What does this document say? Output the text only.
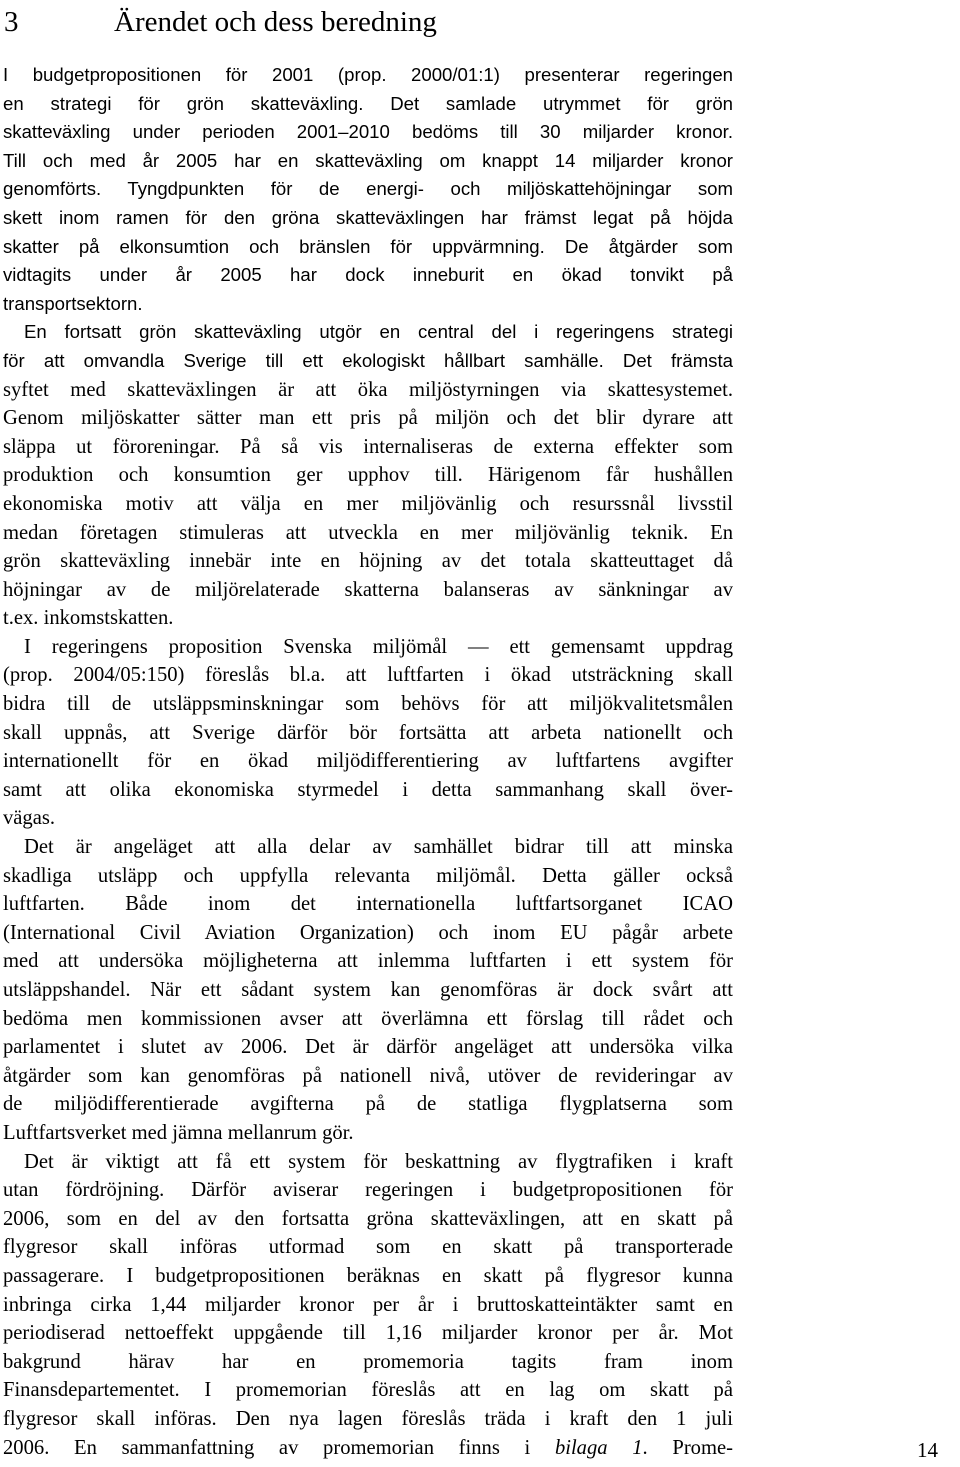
3	Ärendet och dess beredning
I budgetpropositionen för 2001 (prop. 2000/01:1) presenterar regeringen
en strategi för grön skatteväxling. Det samlade utrymmet för grön
skatteväxling under perioden 2001–2010 bedöms till 30 miljarder kronor.
Till och med år 2005 har en skatteväxling om knappt 14 miljarder kronor
genomförts. Tyngdpunkten för de energi- och miljöskattehöjningar som
skett inom ramen för den gröna skatteväxlingen har främst legat på höjda
skatter på elkonsumtion och bränslen för uppvärmning. De åtgärder som
vidtagits under år 2005 har dock inneburit en ökad tonvikt på
transportsektorn.
En fortsatt grön skatteväxling utgör en central del i regeringens strategi
för att omvandla Sverige till ett ekologiskt hållbart samhälle. Det främsta
syftet med skatteväxlingen är att öka miljöstyrningen via skattesystemet.
Genom miljöskatter sätter man ett pris på miljön och det blir dyrare att
släppa ut föroreningar. På så vis internaliseras de externa effekter som
produktion och konsumtion ger upphov till. Härigenom får hushållen
ekonomiska motiv att välja en mer miljövänlig och resurssnål livsstil
medan företagen stimuleras att utveckla en mer miljövänlig teknik. En
grön skatteväxling innebär inte en höjning av det totala skatteuttaget då
höjningar av de miljörelaterade skatterna balanseras av sänkningar av
t.ex. inkomstskatten.
I regeringens proposition Svenska miljömål — ett gemensamt uppdrag
(prop. 2004/05:150) föreslås bl.a. att luftfarten i ökad utsträckning skall
bidra till de utsläppsminskningar som behövs för att miljökvalitetsmålen
skall uppnås, att Sverige därför bör fortsätta att arbeta nationellt och
internationellt för en ökad miljödifferentiering av luftfartens avgifter
samt att olika ekonomiska styrmedel i detta sammanhang skall över-
vägas.
Det är angeläget att alla delar av samhället bidrar till att minska
skadliga utsläpp och uppfylla relevanta miljömål. Detta gäller också
luftfarten. Både inom det internationella luftfartsorganet ICAO
(International Civil Aviation Organization) och inom EU pågår arbete
med att undersöka möjligheterna att inlemma luftfarten i ett system för
utsläppshandel. När ett sådant system kan genomföras är dock svårt att
bedöma men kommissionen avser att överlämna ett förslag till rådet och
parlamentet i slutet av 2006. Det är därför angeläget att undersöka vilka
åtgärder som kan genomföras på nationell nivå, utöver de revideringar av
de miljödifferentierade avgifterna på de statliga flygplatserna som
Luftfartsverket med jämna mellanrum gör.
Det är viktigt att få ett system för beskattning av flygtrafiken i kraft
utan fördröjning. Därför aviserar regeringen i budgetpropositionen för
2006, som en del av den fortsatta gröna skatteväxlingen, att en skatt på
flygresor skall införas utformad som en skatt på transporterade
passagerare. I budgetpropositionen beräknas en skatt på flygresor kunna
inbringa cirka 1,44 miljarder kronor per år i bruttoskatteintäkter samt en
periodiserad nettoeffekt uppgående till 1,16 miljarder kronor per år. Mot
bakgrund härav har en promemoria tagits fram inom
Finansdepartementet. I promemorian föreslås att en lag om skatt på
flygresor skall införas. Den nya lagen föreslås träda i kraft den 1 juli
2006. En sammanfattning av promemorian finns i bilaga 1. Prome-	14
